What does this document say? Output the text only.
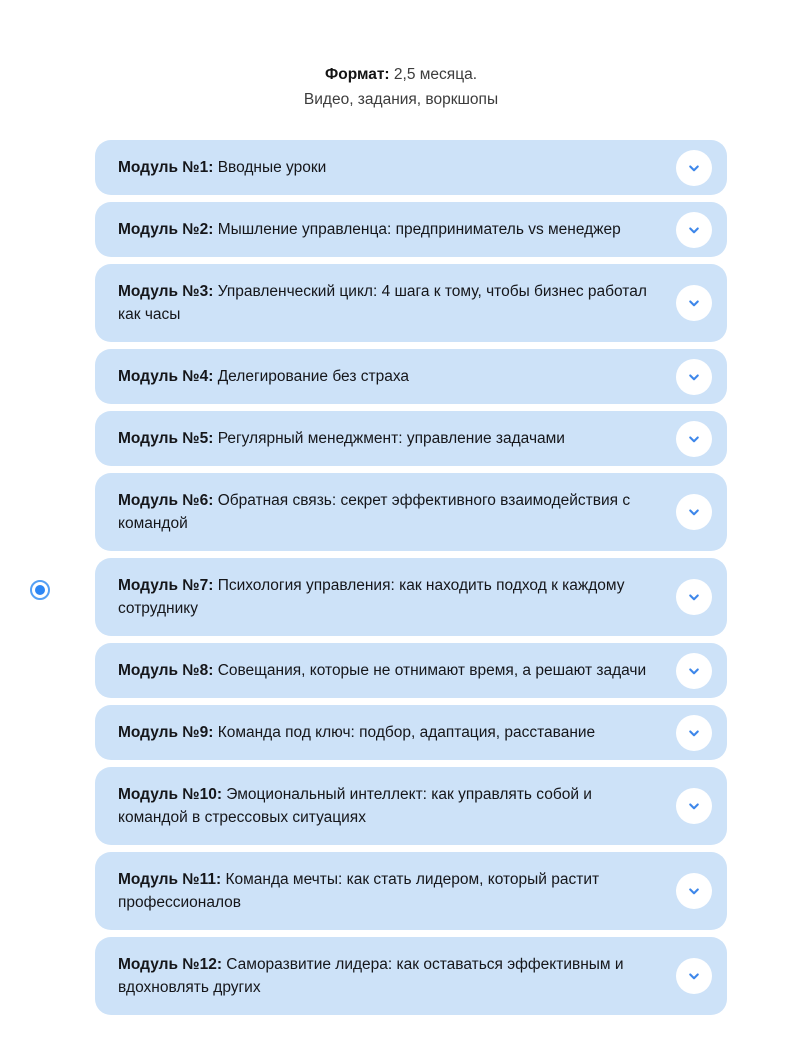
Формат: 2,5 месяца.
Видео, задания, воркшопы
Модуль №1: Вводные уроки
Модуль №2: Мышление управленца: предприниматель vs менеджер
Модуль №3: Управленческий цикл: 4 шага к тому, чтобы бизнес работал как часы
Модуль №4: Делегирование без страха
Модуль №5: Регулярный менеджмент: управление задачами
Модуль №6: Обратная связь: секрет эффективного взаимодействия с командой
Модуль №7: Психология управления: как находить подход к каждому сотруднику
Модуль №8: Совещания, которые не отнимают время, а решают задачи
Модуль №9: Команда под ключ: подбор, адаптация, расставание
Модуль №10: Эмоциональный интеллект: как управлять собой и командой в стрессовых ситуациях
Модуль №11: Команда мечты: как стать лидером, который растит профессионалов
Модуль №12: Саморазвитие лидера: как оставаться эффективным и вдохновлять других
